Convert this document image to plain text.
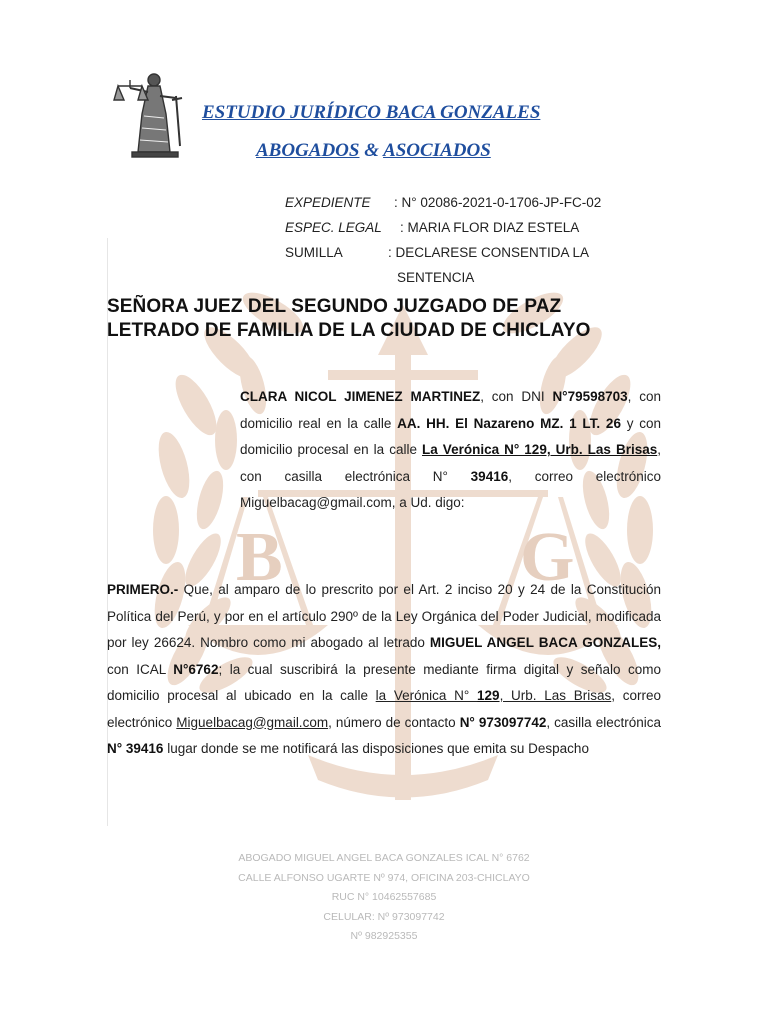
ESTUDIO JURÍDICO BACA GONZALES
ABOGADOS & ASOCIADOS
EXPEDIENTE : N° 02086-2021-0-1706-JP-FC-02
ESPEC. LEGAL : MARIA FLOR DIAZ ESTELA
SUMILLA	: DECLARESE CONSENTIDA LA
SENTENCIA
B	G
SEÑORA JUEZ DEL SEGUNDO JUZGADO DE PAZ
LETRADO DE FAMILIA DE LA CIUDAD DE CHICLAYO
CLARA NICOL JIMENEZ MARTINEZ, con DNI N°79598703, con domicilio real en la calle AA. HH. El Nazareno MZ. 1 LT. 26 y con domicilio procesal en la calle La Verónica N° 129, Urb. Las Brisas, con casilla electrónica N° 39416, correo electrónico Miguelbacag@gmail.com, a Ud. digo:
PRIMERO.- Que, al amparo de lo prescrito por el Art. 2 inciso 20 y 24 de la Constitución Política del Perú, y por en el artículo 290º de la Ley Orgánica del Poder Judicial, modificada por ley 26624. Nombro como mi abogado al letrado MIGUEL ANGEL BACA GONZALES, con ICAL N°6762; la cual suscribirá la presente mediante firma digital y señalo como domicilio procesal al ubicado en la calle la Verónica N° 129, Urb. Las Brisas, correo electrónico Miguelbacag@gmail.com, número de contacto N° 973097742, casilla electrónica N° 39416 lugar donde se me notificará las disposiciones que emita su Despacho
ABOGADO MIGUEL ANGEL BACA GONZALES ICAL N° 6762
CALLE ALFONSO UGARTE Nº 974, OFICINA 203-CHICLAYO
RUC N° 10462557685
CELULAR: Nº 973097742
Nº 982925355
